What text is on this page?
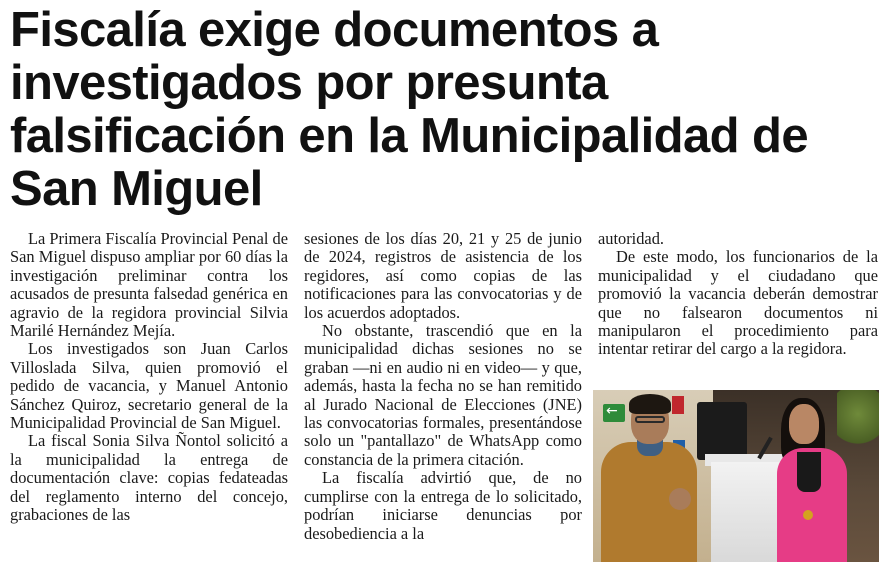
Fiscalía exige documentos a investigados por presunta falsificación en la Municipalidad de San Miguel

La Primera Fiscalía Provincial Penal de San Miguel dispuso ampliar por 60 días la investigación preliminar contra los acusados de presunta falsedad genérica en agravio de la regidora provincial Silvia Marilé Hernández Mejía.

Los investigados son Juan Carlos Villoslada Silva, quien promovió el pedido de vacancia, y Manuel Antonio Sánchez Quiroz, secretario general de la Municipalidad Provincial de San Miguel.

La fiscal Sonia Silva Ñontol solicitó a la municipalidad la entrega de documentación clave: copias fedateadas del reglamento interno del concejo, grabaciones de las

sesiones de los días 20, 21 y 25 de junio de 2024, registros de asistencia de los regidores, así como copias de las notificaciones para las convocatorias y de los acuerdos adoptados.

No obstante, trascendió que en la municipalidad dichas sesiones no se graban —ni en audio ni en video— y que, además, hasta la fecha no se han remitido al Jurado Nacional de Elecciones (JNE) las convocatorias formales, presentándose solo un "pantallazo" de WhatsApp como constancia de la primera citación.

La fiscalía advirtió que, de no cumplirse con la entrega de lo solicitado, podrían iniciarse denuncias por desobediencia a la

autoridad.

De este modo, los funcionarios de la municipalidad y el ciudadano que promovió la vacancia deberán demostrar que no falsearon documentos ni manipularon el procedimiento para intentar retirar del cargo a la regidora.

←
